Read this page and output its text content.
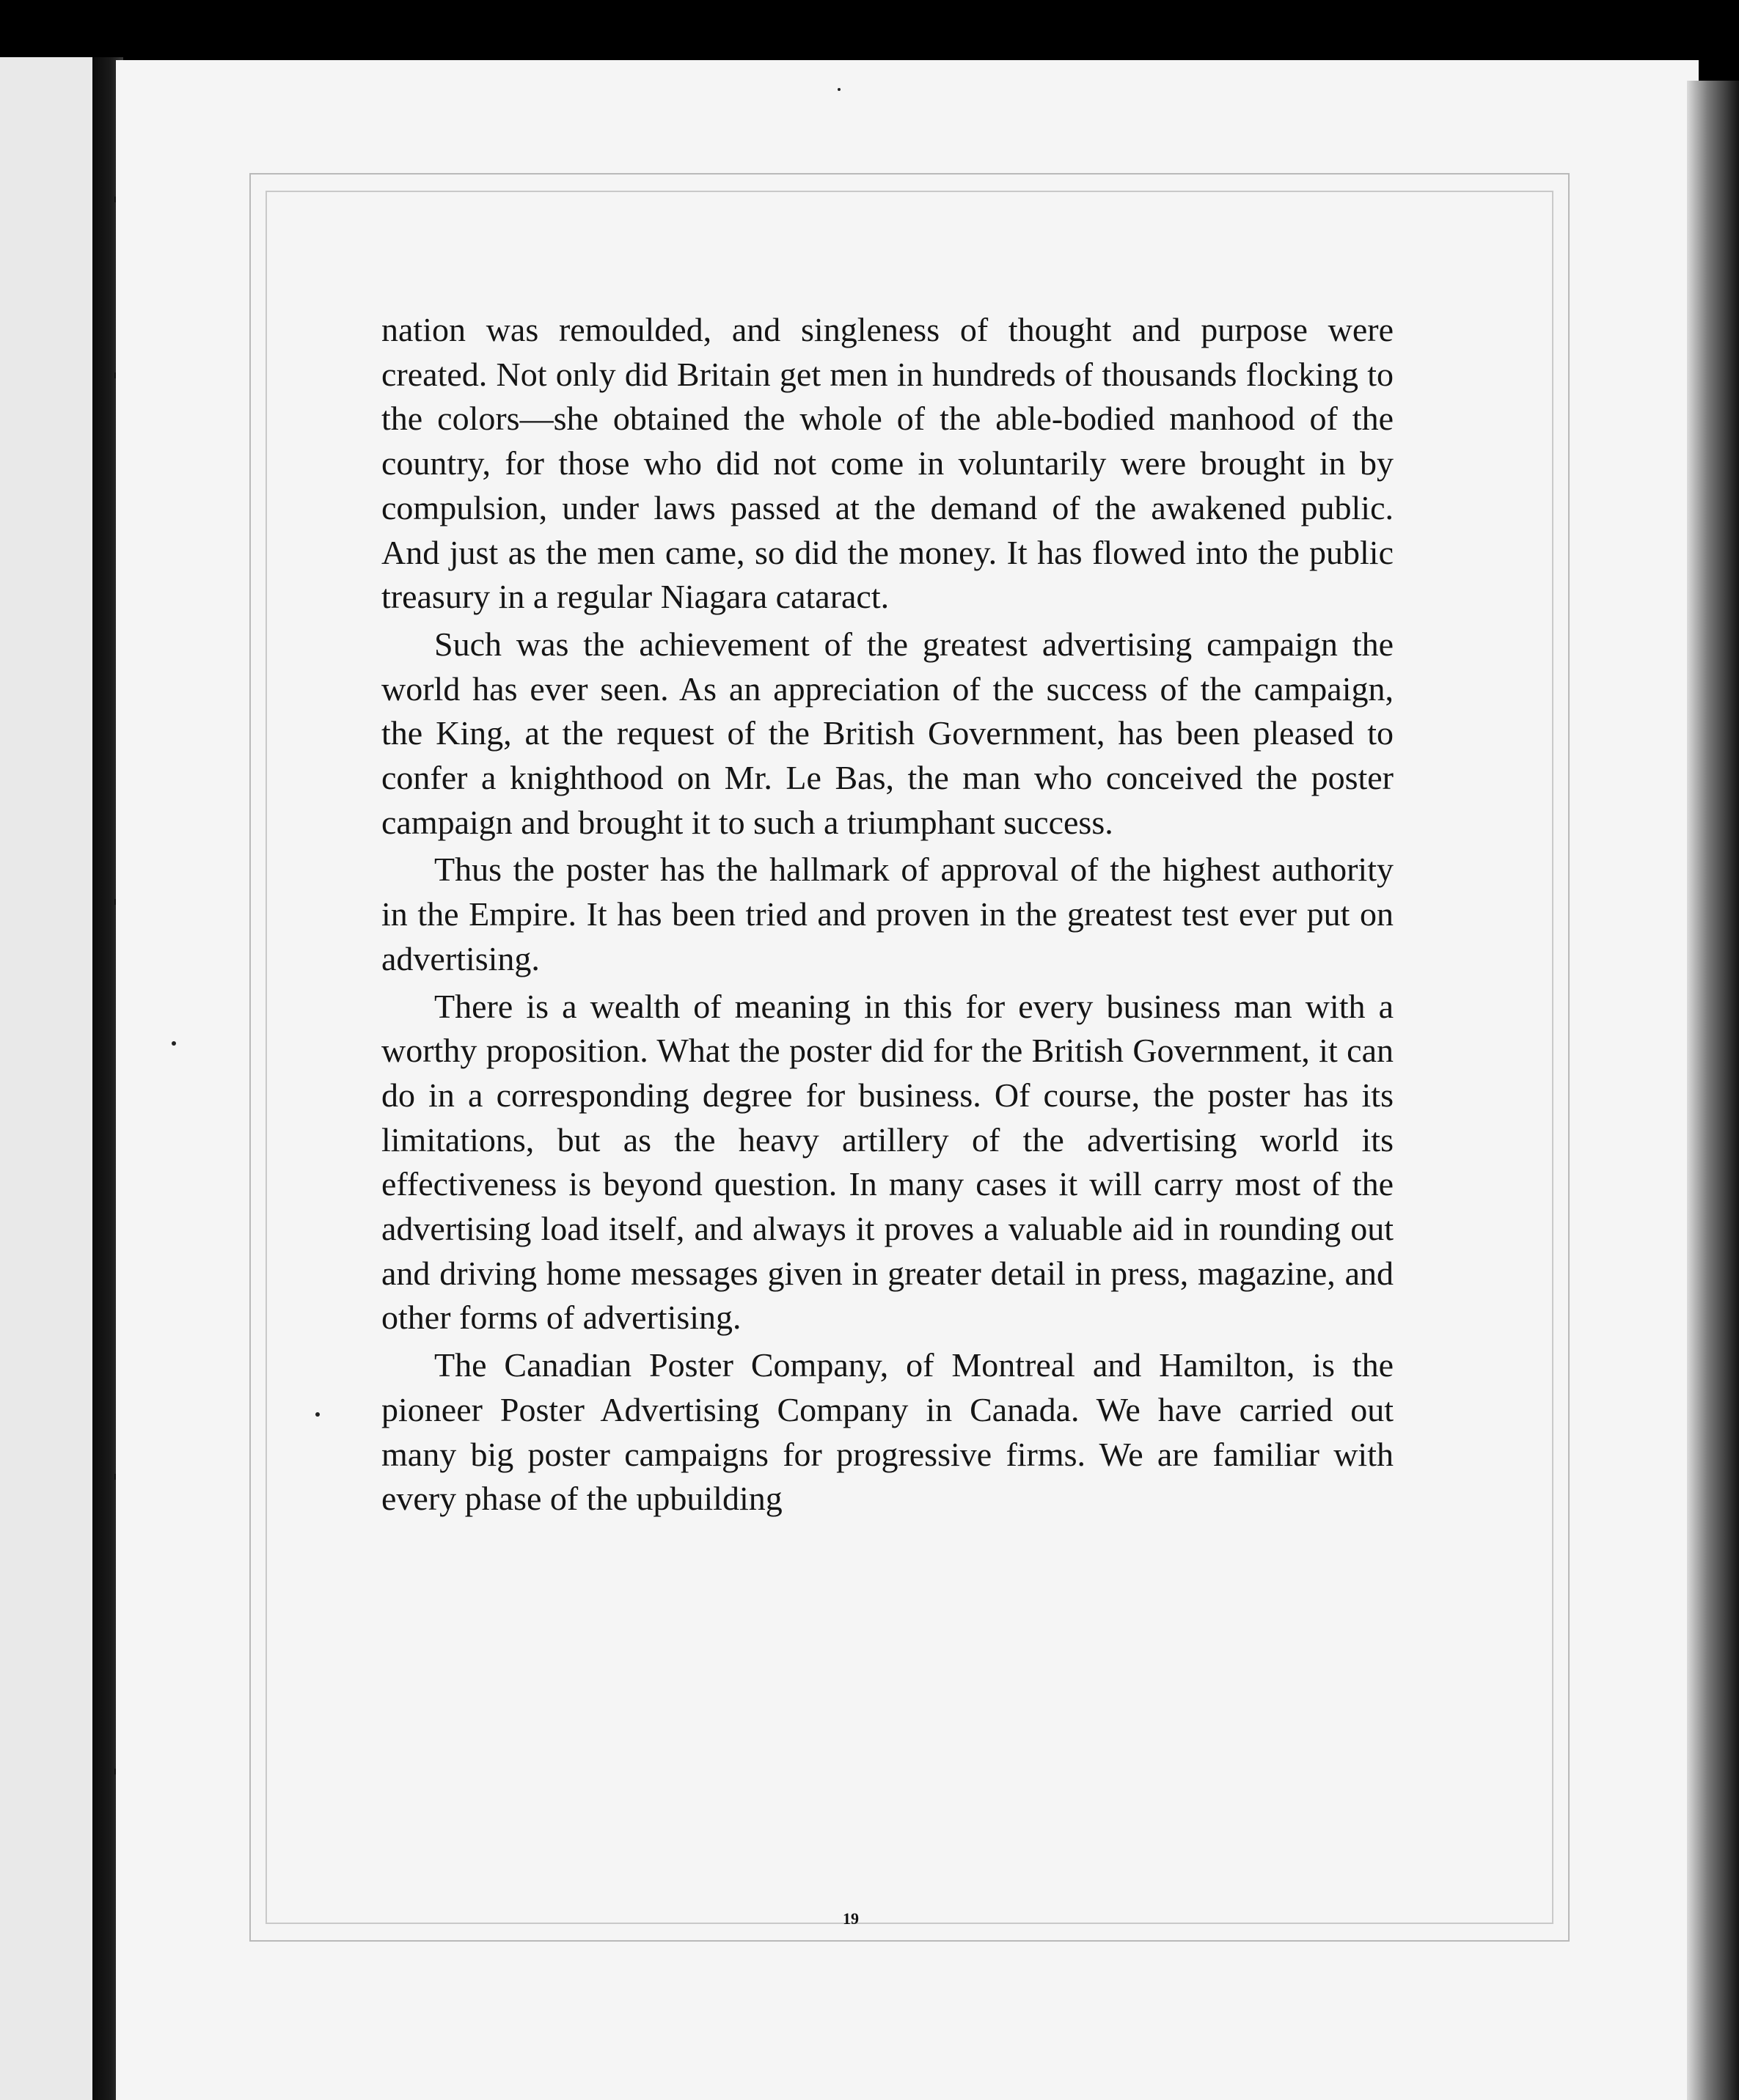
nation was remoulded, and singleness of thought and purpose were created. Not only did Britain get men in hundreds of thousands flocking to the colors—she obtained the whole of the able-bodied manhood of the country, for those who did not come in voluntarily were brought in by compulsion, under laws passed at the demand of the awakened public. And just as the men came, so did the money. It has flowed into the public treasury in a regular Niagara cataract.

Such was the achievement of the greatest advertising campaign the world has ever seen. As an appreciation of the success of the campaign, the King, at the request of the British Government, has been pleased to confer a knighthood on Mr. Le Bas, the man who conceived the poster campaign and brought it to such a triumphant success.

Thus the poster has the hallmark of approval of the highest authority in the Empire. It has been tried and proven in the greatest test ever put on advertising.

There is a wealth of meaning in this for every business man with a worthy proposition. What the poster did for the British Government, it can do in a corresponding degree for business. Of course, the poster has its limitations, but as the heavy artillery of the advertising world its effectiveness is beyond question. In many cases it will carry most of the advertising load itself, and always it proves a valuable aid in rounding out and driving home messages given in greater detail in press, magazine, and other forms of advertising.

The Canadian Poster Company, of Montreal and Hamilton, is the pioneer Poster Advertising Company in Canada. We have carried out many big poster campaigns for progressive firms. We are familiar with every phase of the upbuilding

19
